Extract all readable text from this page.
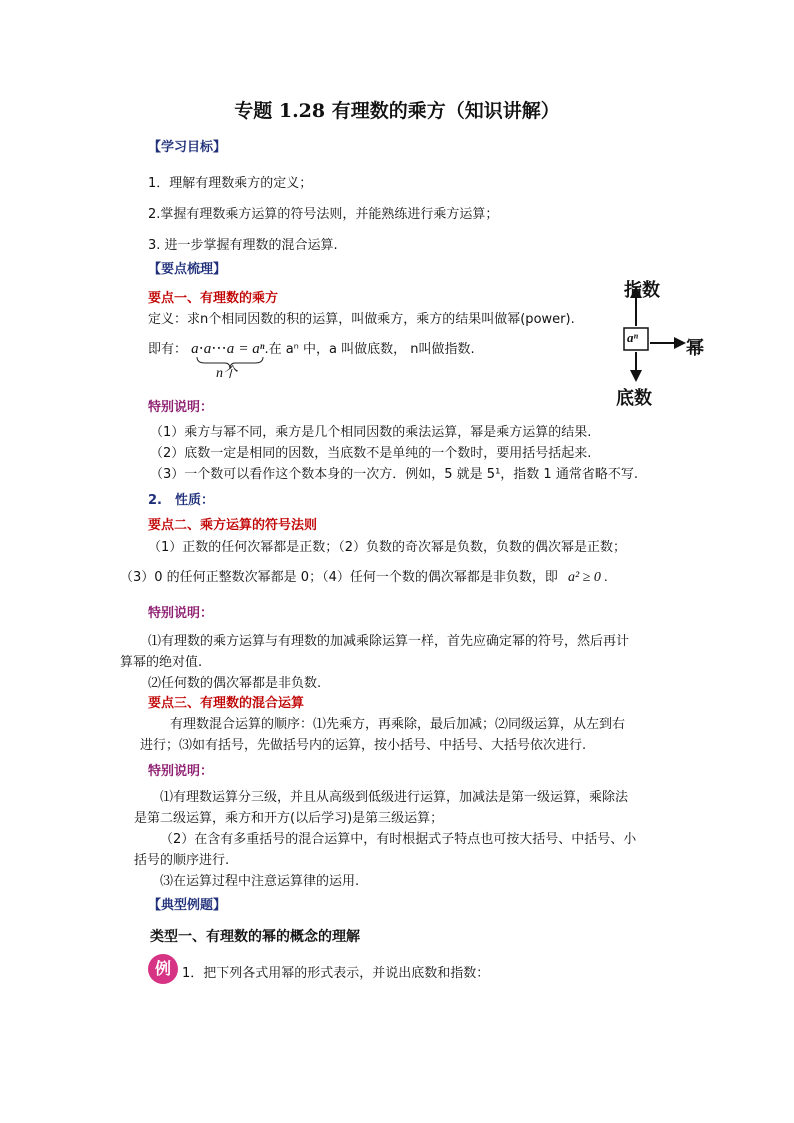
专题 1.28 有理数的乘方（知识讲解）
【学习目标】
1．理解有理数乘方的定义；
2.掌握有理数乘方运算的符号法则，并能熟练进行乘方运算；
3. 进一步掌握有理数的混合运算.
【要点梳理】
要点一、有理数的乘方
定义：求n个相同因数的积的运算，叫做乘方，乘方的结果叫做幂(power).
即有： a⋅a⋅⋅⋅a = aⁿ.在 aⁿ 中，a 叫做底数， n叫做指数.
n个
指数
aⁿ
幂
底数
特别说明：
（1）乘方与幂不同，乘方是几个相同因数的乘法运算，幂是乘方运算的结果.
（2）底数一定是相同的因数，当底数不是单纯的一个数时，要用括号括起来.
（3）一个数可以看作这个数本身的一次方．例如，5 就是 5¹，指数 1 通常省略不写.
2.　性质：
要点二、乘方运算的符号法则
（1）正数的任何次幂都是正数；（2）负数的奇次幂是负数，负数的偶次幂是正数；
（3）0 的任何正整数次幂都是 0；（4）任何一个数的偶次幂都是非负数，即 a² ≥ 0 .
特别说明：
⑴有理数的乘方运算与有理数的加减乘除运算一样，首先应确定幂的符号，然后再计
算幂的绝对值.
⑵任何数的偶次幂都是非负数.
要点三、有理数的混合运算
有理数混合运算的顺序：⑴先乘方，再乘除，最后加减；⑵同级运算，从左到右
进行；⑶如有括号，先做括号内的运算，按小括号、中括号、大括号依次进行.
特别说明：
⑴有理数运算分三级，并且从高级到低级进行运算，加减法是第一级运算，乘除法
是第二级运算，乘方和开方(以后学习)是第三级运算；
（2）在含有多重括号的混合运算中，有时根据式子特点也可按大括号、中括号、小
括号的顺序进行.
⑶在运算过程中注意运算律的运用.
【典型例题】
类型一、有理数的幂的概念的理解
例 1．把下列各式用幂的形式表示，并说出底数和指数：
